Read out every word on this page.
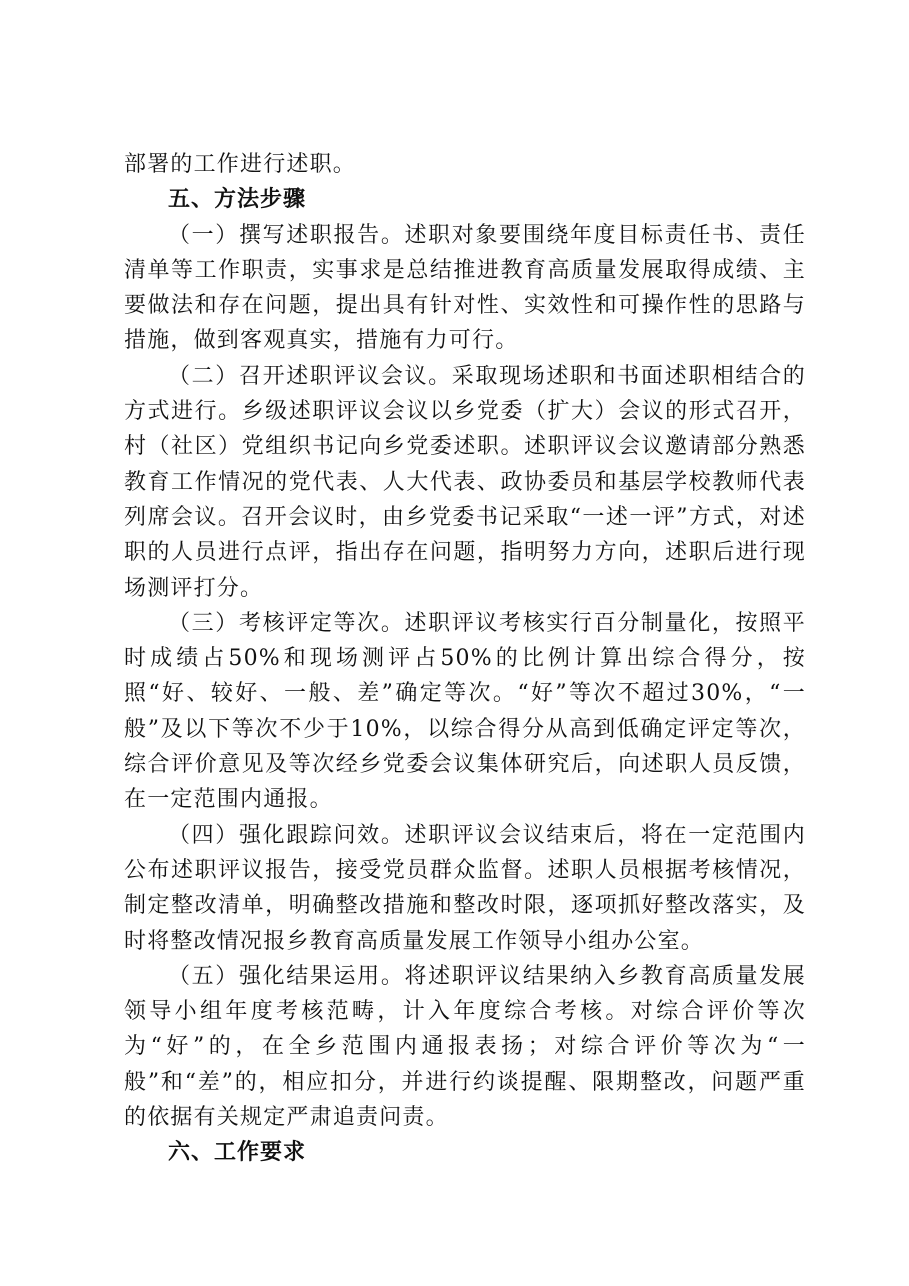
部署的工作进行述职。

五、方法步骤

（一）撰写述职报告。述职对象要围绕年度目标责任书、责任清单等工作职责，实事求是总结推进教育高质量发展取得成绩、主要做法和存在问题，提出具有针对性、实效性和可操作性的思路与措施，做到客观真实，措施有力可行。

（二）召开述职评议会议。采取现场述职和书面述职相结合的方式进行。乡级述职评议会议以乡党委（扩大）会议的形式召开，村（社区）党组织书记向乡党委述职。述职评议会议邀请部分熟悉教育工作情况的党代表、人大代表、政协委员和基层学校教师代表列席会议。召开会议时，由乡党委书记采取“一述一评”方式，对述职的人员进行点评，指出存在问题，指明努力方向，述职后进行现场测评打分。

（三）考核评定等次。述职评议考核实行百分制量化，按照平时成绩占50%和现场测评占50%的比例计算出综合得分，按照“好、较好、一般、差”确定等次。“好”等次不超过30%，“一般”及以下等次不少于10%，以综合得分从高到低确定评定等次，综合评价意见及等次经乡党委会议集体研究后，向述职人员反馈，在一定范围内通报。

（四）强化跟踪问效。述职评议会议结束后，将在一定范围内公布述职评议报告，接受党员群众监督。述职人员根据考核情况，制定整改清单，明确整改措施和整改时限，逐项抓好整改落实，及时将整改情况报乡教育高质量发展工作领导小组办公室。

（五）强化结果运用。将述职评议结果纳入乡教育高质量发展领导小组年度考核范畴，计入年度综合考核。对综合评价等次为“好”的，在全乡范围内通报表扬；对综合评价等次为“一般”和“差”的，相应扣分，并进行约谈提醒、限期整改，问题严重的依据有关规定严肃追责问责。

六、工作要求
